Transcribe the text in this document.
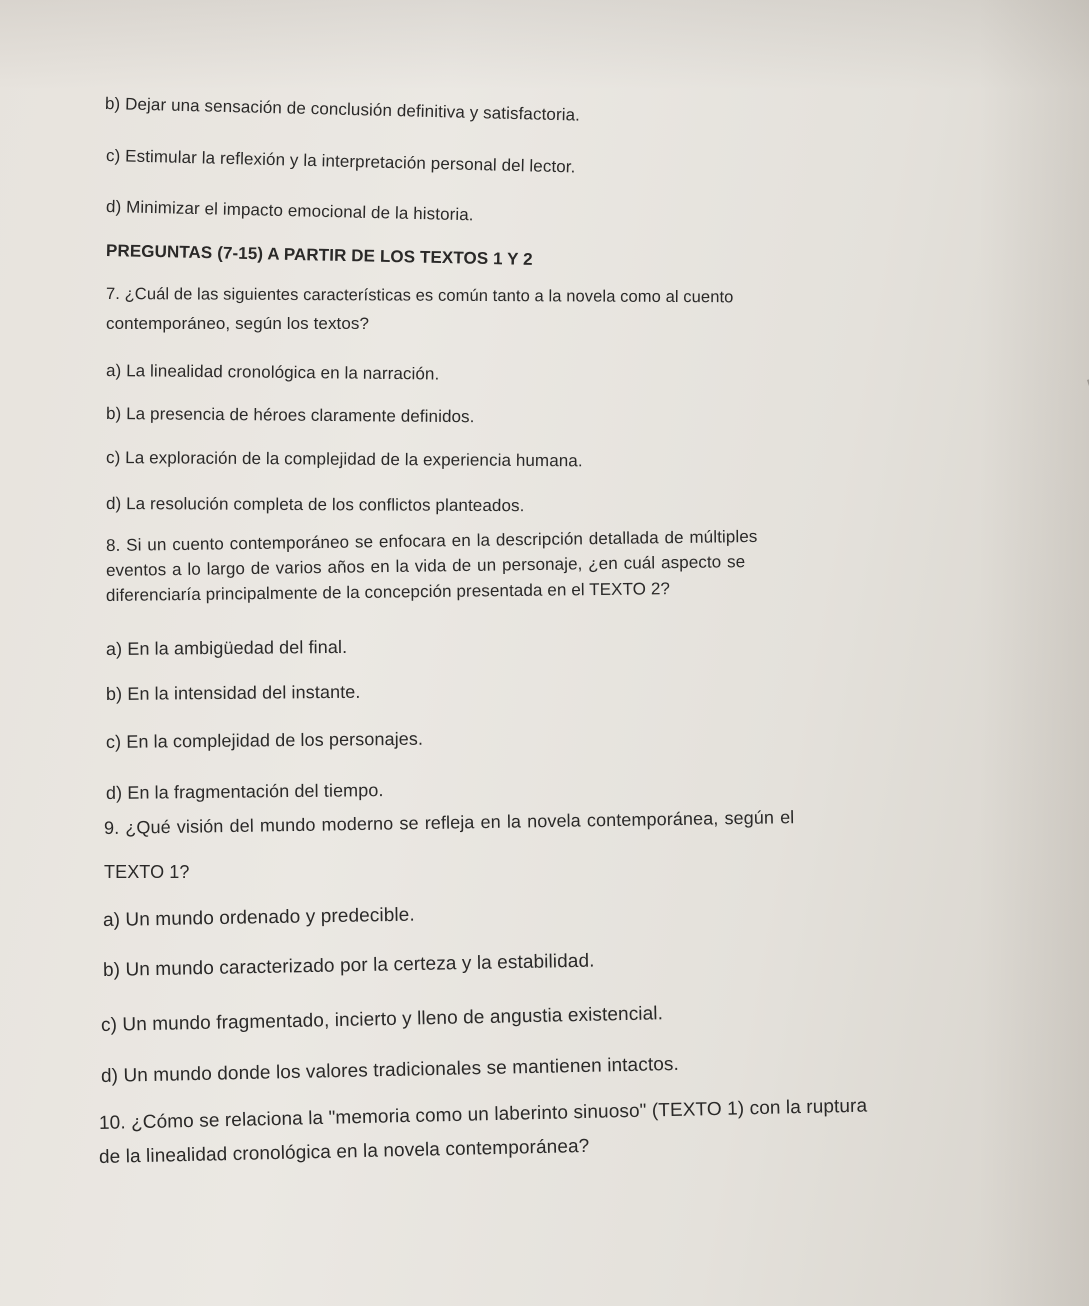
b) Dejar una sensación de conclusión definitiva y satisfactoria.
c) Estimular la reflexión y la interpretación personal del lector.
d) Minimizar el impacto emocional de la historia.
PREGUNTAS (7-15) A PARTIR DE LOS TEXTOS 1 Y 2
7. ¿Cuál de las siguientes características es común tanto a la novela como al cuento
contemporáneo, según los textos?
a) La linealidad cronológica en la narración.
b) La presencia de héroes claramente definidos.
c) La exploración de la complejidad de la experiencia humana.
d) La resolución completa de los conflictos planteados.
8. Si un cuento contemporáneo se enfocara en la descripción detallada de múltiples
eventos a lo largo de varios años en la vida de un personaje, ¿en cuál aspecto se
diferenciaría principalmente de la concepción presentada en el TEXTO 2?
a) En la ambigüedad del final.
b) En la intensidad del instante.
c) En la complejidad de los personajes.
d) En la fragmentación del tiempo.
9. ¿Qué visión del mundo moderno se refleja en la novela contemporánea, según el
TEXTO 1?
a) Un mundo ordenado y predecible.
b) Un mundo caracterizado por la certeza y la estabilidad.
c) Un mundo fragmentado, incierto y lleno de angustia existencial.
d) Un mundo donde los valores tradicionales se mantienen intactos.
10. ¿Cómo se relaciona la "memoria como un laberinto sinuoso" (TEXTO 1) con la ruptura
de la linealidad cronológica en la novela contemporánea?
